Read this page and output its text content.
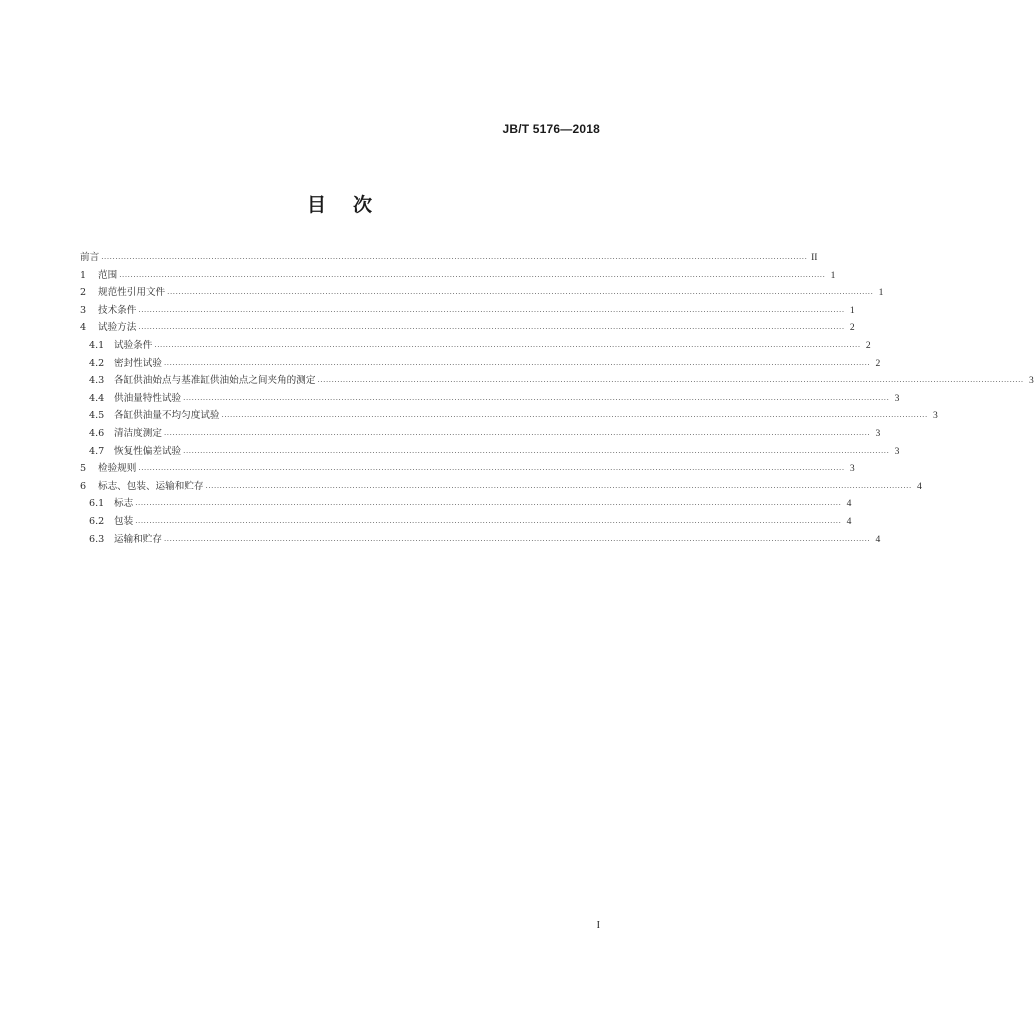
JB/T 5176—2018
目 次
前言 .......................................................................................................................................................................................................................................................... II
1	范围 .......................................................................................................................................................................................................................................................... 1
2	规范性引用文件 .......................................................................................................................................................................................................................................................... 1
3	技术条件 .......................................................................................................................................................................................................................................................... 1
4	试验方法 .......................................................................................................................................................................................................................................................... 2
4.1	试验条件 .......................................................................................................................................................................................................................................................... 2
4.2	密封性试验 .......................................................................................................................................................................................................................................................... 2
4.3	各缸供油始点与基准缸供油始点之间夹角的测定 .......................................................................................................................................................................................................................................................... 3
4.4	供油量特性试验 .......................................................................................................................................................................................................................................................... 3
4.5	各缸供油量不均匀度试验 .......................................................................................................................................................................................................................................................... 3
4.6	清洁度测定 .......................................................................................................................................................................................................................................................... 3
4.7	恢复性偏差试验 .......................................................................................................................................................................................................................................................... 3
5	检验规则 .......................................................................................................................................................................................................................................................... 3
6	标志、包装、运输和贮存 .......................................................................................................................................................................................................................................................... 4
6.1	标志 .......................................................................................................................................................................................................................................................... 4
6.2	包装 .......................................................................................................................................................................................................................................................... 4
6.3	运输和贮存 .......................................................................................................................................................................................................................................................... 4
I
